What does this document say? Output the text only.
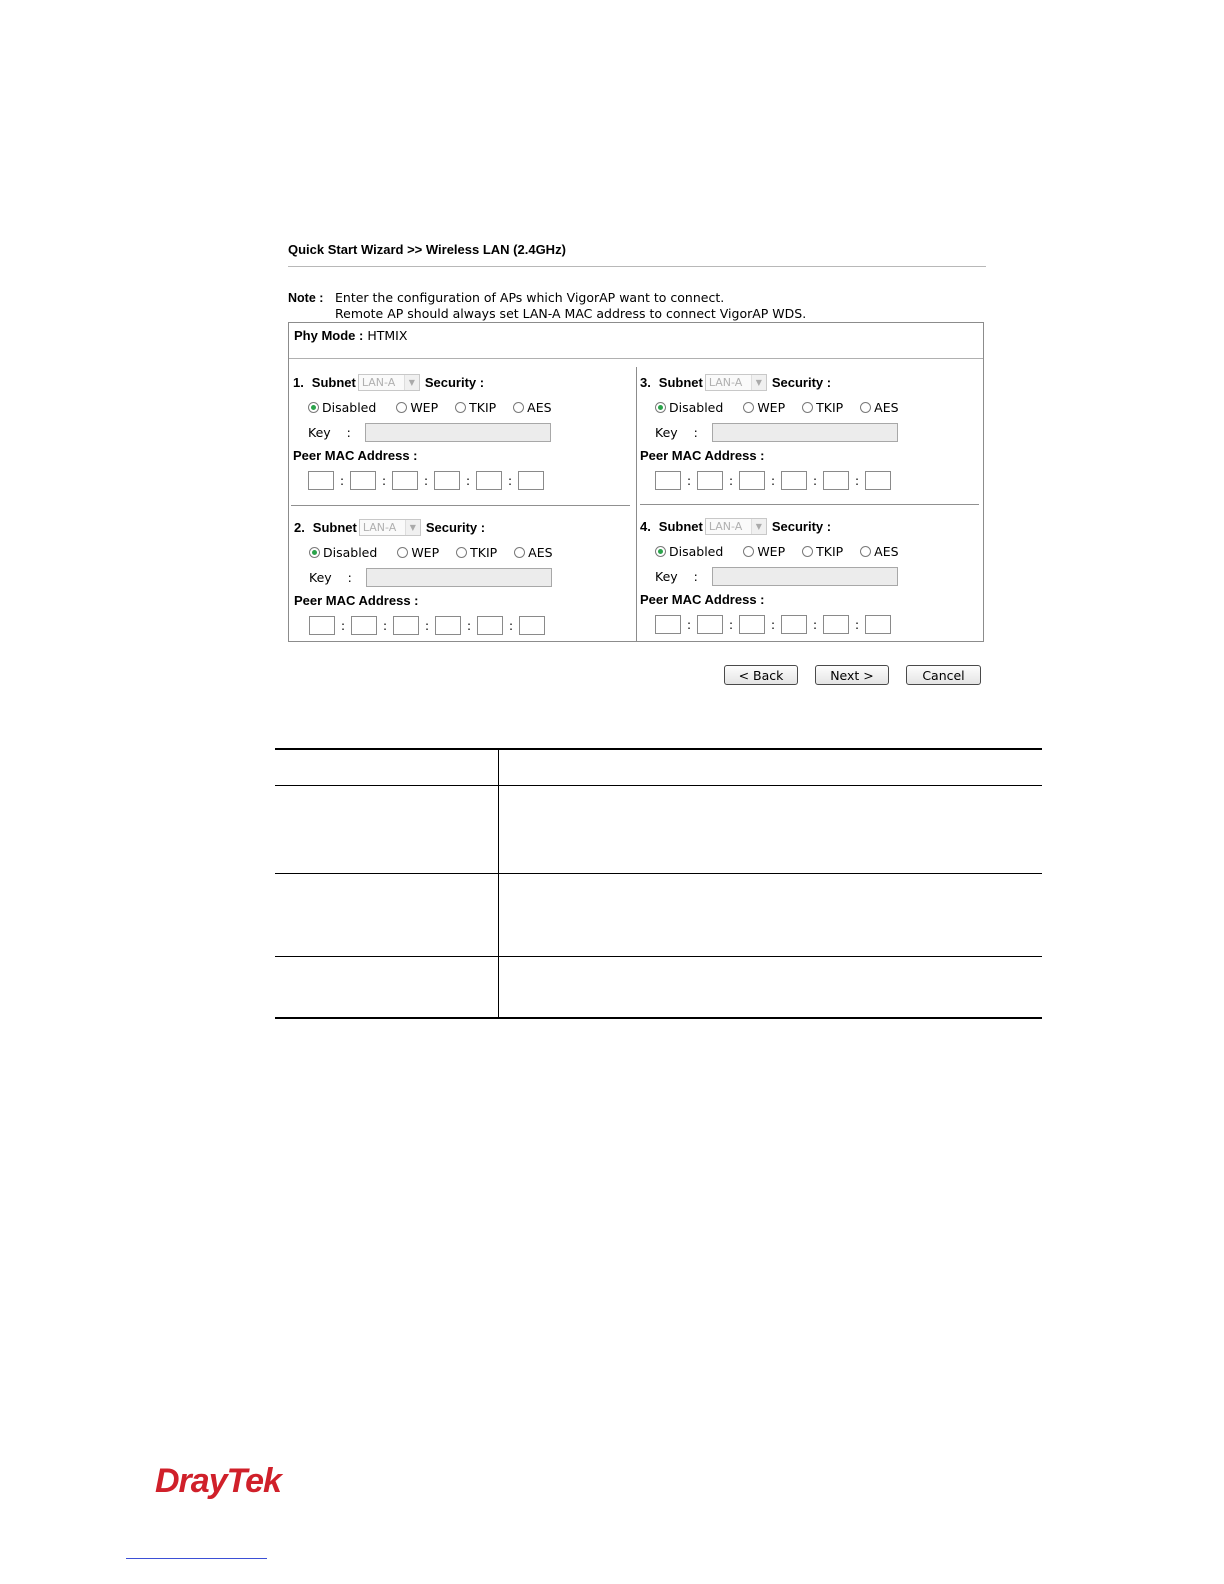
Quick Start Wizard >> Wireless LAN (2.4GHz)
Note : Enter the configuration of APs which VigorAP want to connect.
Remote AP should always set LAN-A MAC address to connect VigorAP WDS.
Phy Mode : HTMIX
1.
Subnet LAN-A	▼ Security :
Disabled	WEP TKIP AES
Key :
Peer MAC Address :
:	:	:	:	:
2.
Subnet LAN-A	▼ Security :
Disabled	WEP TKIP AES
Key :
Peer MAC Address :
:	:	:	:	:
3.
Subnet LAN-A	▼ Security :
Disabled	WEP TKIP AES
Key :
Peer MAC Address :
:	:	:	:	:
4.
Subnet LAN-A	▼ Security :
Disabled	WEP TKIP AES
Key :
Peer MAC Address :
:	:	:	:	:
< Back	Next >	Cancel
DrayTek
